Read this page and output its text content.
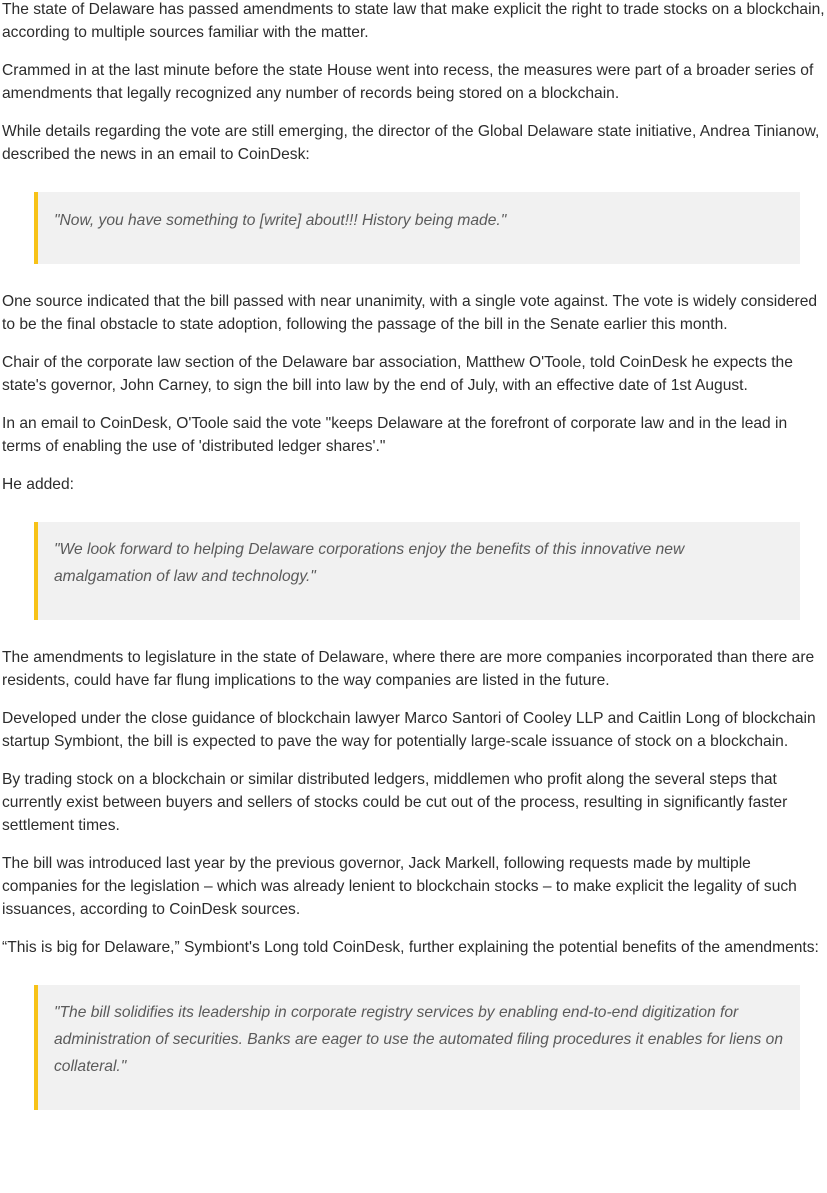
The state of Delaware has passed amendments to state law that make explicit the right to trade stocks on a blockchain, according to multiple sources familiar with the matter.

Crammed in at the last minute before the state House went into recess, the measures were part of a broader series of amendments that legally recognized any number of records being stored on a blockchain.

While details regarding the vote are still emerging, the director of the Global Delaware state initiative, Andrea Tinianow, described the news in an email to CoinDesk:

"Now, you have something to [write] about!!! History being made."

One source indicated that the bill passed with near unanimity, with a single vote against. The vote is widely considered to be the final obstacle to state adoption, following the passage of the bill in the Senate earlier this month.

Chair of the corporate law section of the Delaware bar association, Matthew O'Toole, told CoinDesk he expects the state's governor, John Carney, to sign the bill into law by the end of July, with an effective date of 1st August.

In an email to CoinDesk, O'Toole said the vote "keeps Delaware at the forefront of corporate law and in the lead in terms of enabling the use of 'distributed ledger shares'."

He added:

"We look forward to helping Delaware corporations enjoy the benefits of this innovative new amalgamation of law and technology."

The amendments to legislature in the state of Delaware, where there are more companies incorporated than there are residents, could have far flung implications to the way companies are listed in the future.

Developed under the close guidance of blockchain lawyer Marco Santori of Cooley LLP and Caitlin Long of blockchain startup Symbiont, the bill is expected to pave the way for potentially large-scale issuance of stock on a blockchain.

By trading stock on a blockchain or similar distributed ledgers, middlemen who profit along the several steps that currently exist between buyers and sellers of stocks could be cut out of the process, resulting in significantly faster settlement times.

The bill was introduced last year by the previous governor, Jack Markell, following requests made by multiple companies for the legislation – which was already lenient to blockchain stocks – to make explicit the legality of such issuances, according to CoinDesk sources.

“This is big for Delaware,” Symbiont's Long told CoinDesk, further explaining the potential benefits of the amendments:

"The bill solidifies its leadership in corporate registry services by enabling end-to-end digitization for administration of securities. Banks are eager to use the automated filing procedures it enables for liens on collateral."
